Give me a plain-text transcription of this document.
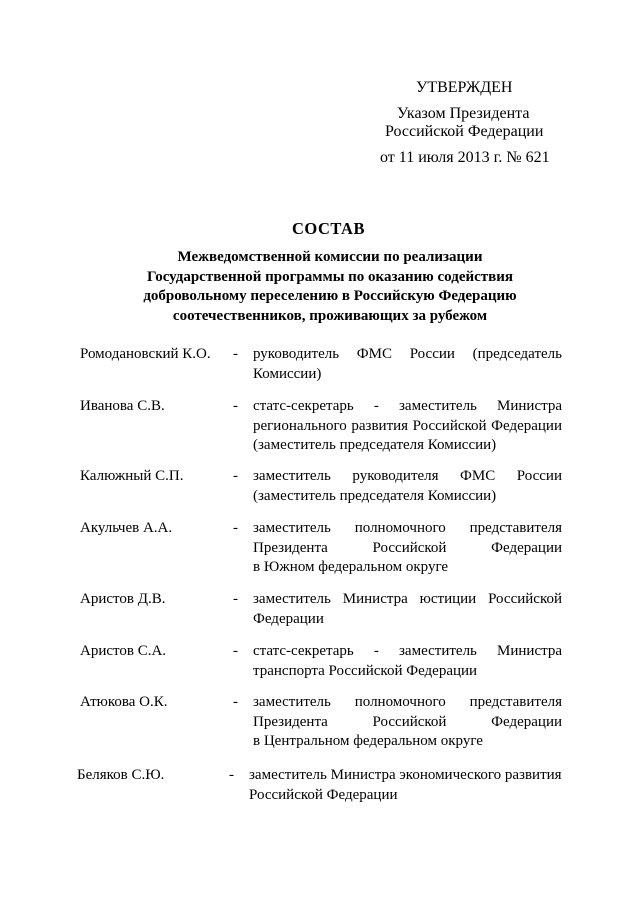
УТВЕРЖДЕН
Указом Президента
Российской Федерации
от 11 июля 2013 г. № 621
СОСТАВ
Межведомственной комиссии по реализации
Государственной программы по оказанию содействия
добровольному переселению в Российскую Федерацию
соотечественников, проживающих за рубежом
Ромодановский К.О. - руководитель ФМС России (председатель
Комиссии)
Иванова С.В.	- статс-секретарь - заместитель Министра
регионального развития Российской Федерации
(заместитель председателя Комиссии)
Калюжный С.П.	- заместитель руководителя ФМС России
(заместитель председателя Комиссии)
Акульчев А.А.	- заместитель полномочного представителя
Президента Российской Федерации
в Южном федеральном округе
Аристов Д.В.	- заместитель Министра юстиции Российской
Федерации
Аристов С.А.	- статс-секретарь - заместитель Министра
транспорта Российской Федерации
Атюкова О.К.	- заместитель полномочного представителя
Президента Российской Федерации
в Центральном федеральном округе
Беляков С.Ю.	- заместитель Министра экономического развития
Российской Федерации
